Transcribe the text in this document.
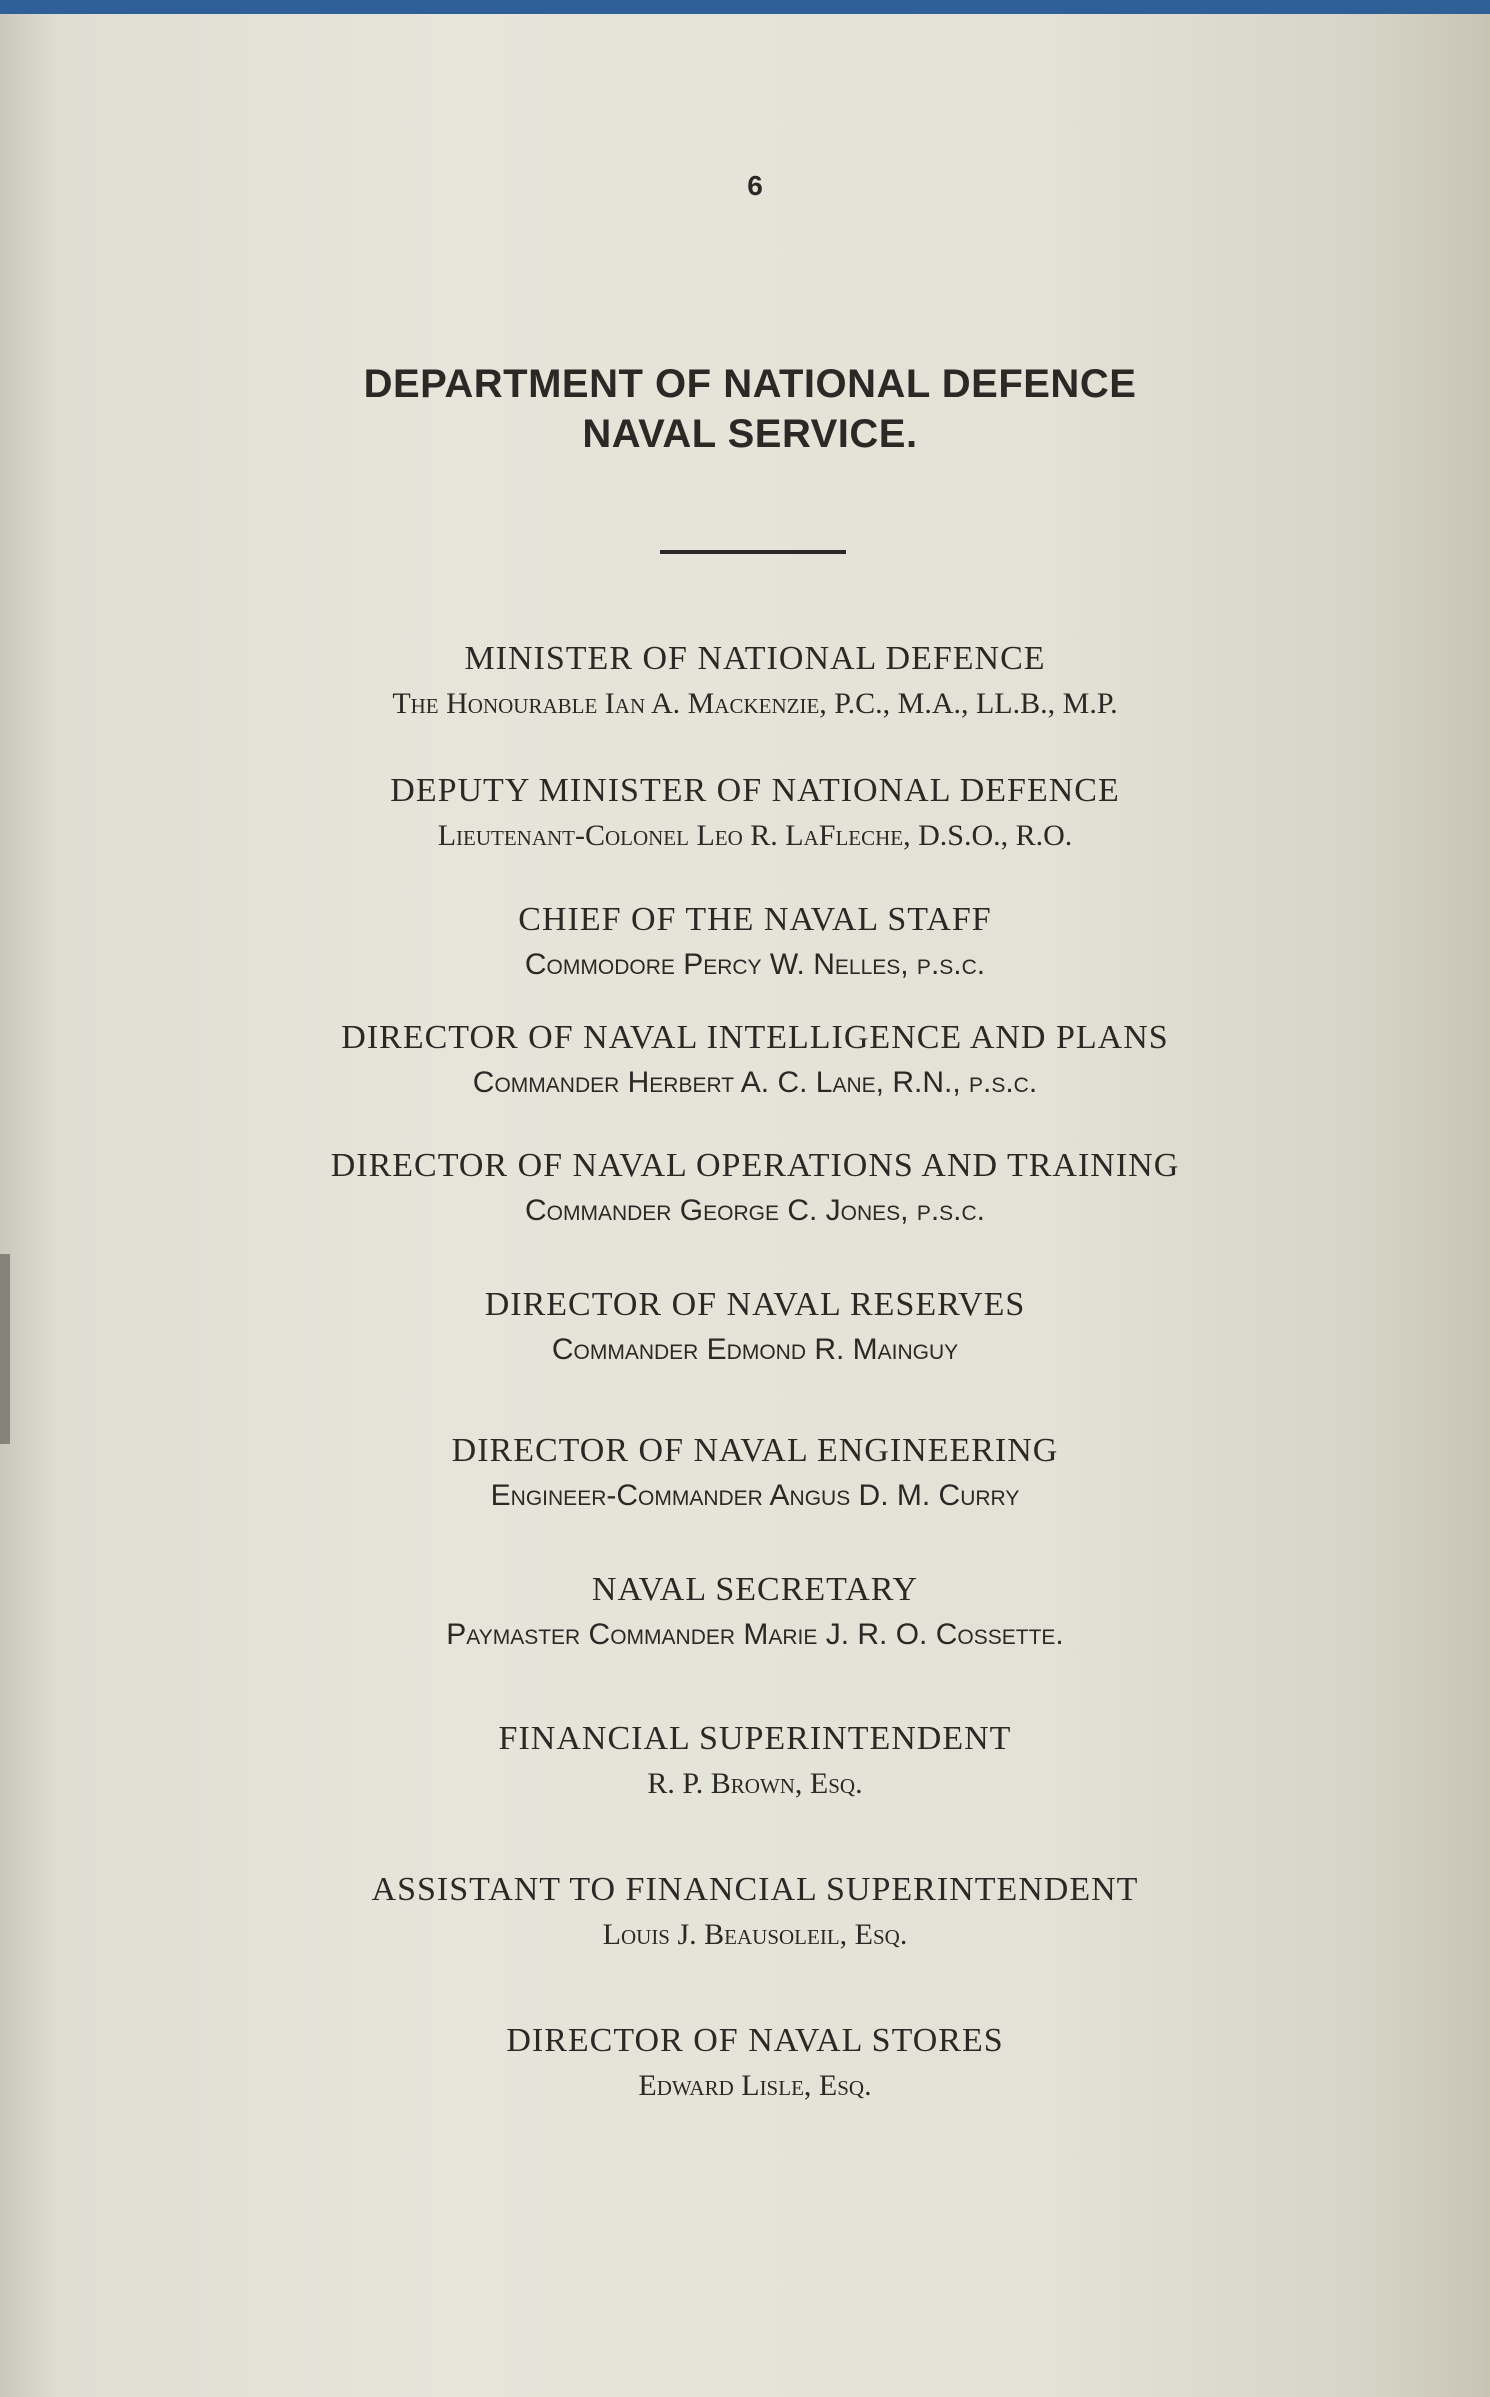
6
DEPARTMENT OF NATIONAL DEFENCE
NAVAL SERVICE.
MINISTER OF NATIONAL DEFENCE
The Honourable Ian A. Mackenzie, P.C., M.A., LL.B., M.P.
DEPUTY MINISTER OF NATIONAL DEFENCE
Lieutenant-Colonel Leo R. LaFleche, D.S.O., R.O.
CHIEF OF THE NAVAL STAFF
Commodore Percy W. Nelles, p.s.c.
DIRECTOR OF NAVAL INTELLIGENCE AND PLANS
Commander Herbert A. C. Lane, R.N., p.s.c.
DIRECTOR OF NAVAL OPERATIONS AND TRAINING
Commander George C. Jones, p.s.c.
DIRECTOR OF NAVAL RESERVES
Commander Edmond R. Mainguy
DIRECTOR OF NAVAL ENGINEERING
Engineer-Commander Angus D. M. Curry
NAVAL SECRETARY
Paymaster Commander Marie J. R. O. Cossette.
FINANCIAL SUPERINTENDENT
R. P. Brown, Esq.
ASSISTANT TO FINANCIAL SUPERINTENDENT
Louis J. Beausoleil, Esq.
DIRECTOR OF NAVAL STORES
Edward Lisle, Esq.
